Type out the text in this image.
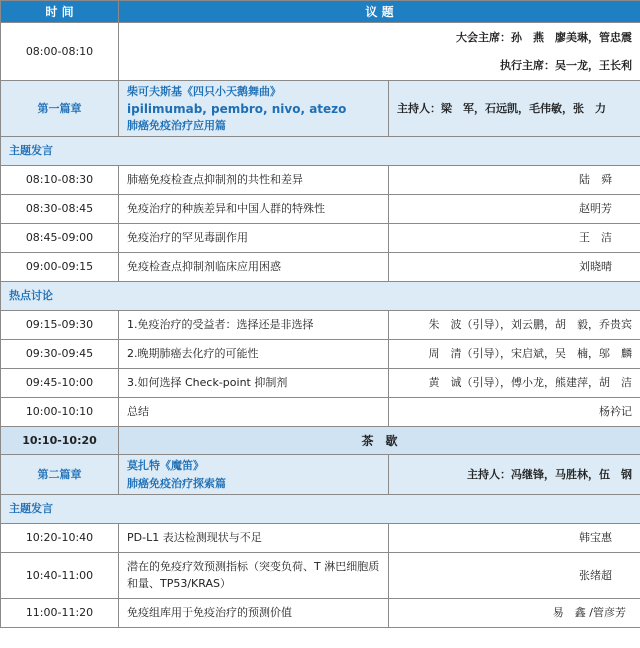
时 间	议 题	
08:00-08:10	大会主席：孙　燕　廖美琳，管忠震
执行主席：吴一龙，王长利	

第一篇章	柴可夫斯基《四只小天鹅舞曲》
ipilimumab, pembro, nivo, atezo
肺癌免疫治疗应用篇	主持人：梁　军，石远凯，毛伟敏，张　力
主题发言		
08:10-08:30	肺癌免疫检查点抑制剂的共性和差异	陆　舜
08:30-08:45	免疫治疗的种族差异和中国人群的特殊性	赵明芳
08:45-09:00	免疫治疗的罕见毒副作用	王　洁
09:00-09:15	免疫检查点抑制剂临床应用困惑	刘晓晴
热点讨论		
09:15-09:30	1.免疫治疗的受益者：选择还是非选择	朱　波（引导），刘云鹏，胡　毅，乔贵宾
09:30-09:45	2.晚期肺癌去化疗的可能性	周　清（引导），宋启斌，吴　楠，邬　麟
09:45-10:00	3.如何选择 Check-point 抑制剂	黄　诚（引导），傅小龙，熊建萍，胡　洁
10:00-10:10	总结	杨衿记
10:10-10:20	茶　歇	
第二篇章	莫扎特《魔笛》
肺癌免疫治疗探索篇	主持人：冯继锋，马胜林，伍　钢
主题发言		
10:20-10:40	PD-L1 表达检测现状与不足	韩宝惠
10:40-11:00	潜在的免疫疗效预测指标（突变负荷、T 淋巴细胞质
和量、TP53/KRAS）	张绪超
11:00-11:20	免疫组库用于免疫治疗的预测价值	易　鑫 /管彦芳
